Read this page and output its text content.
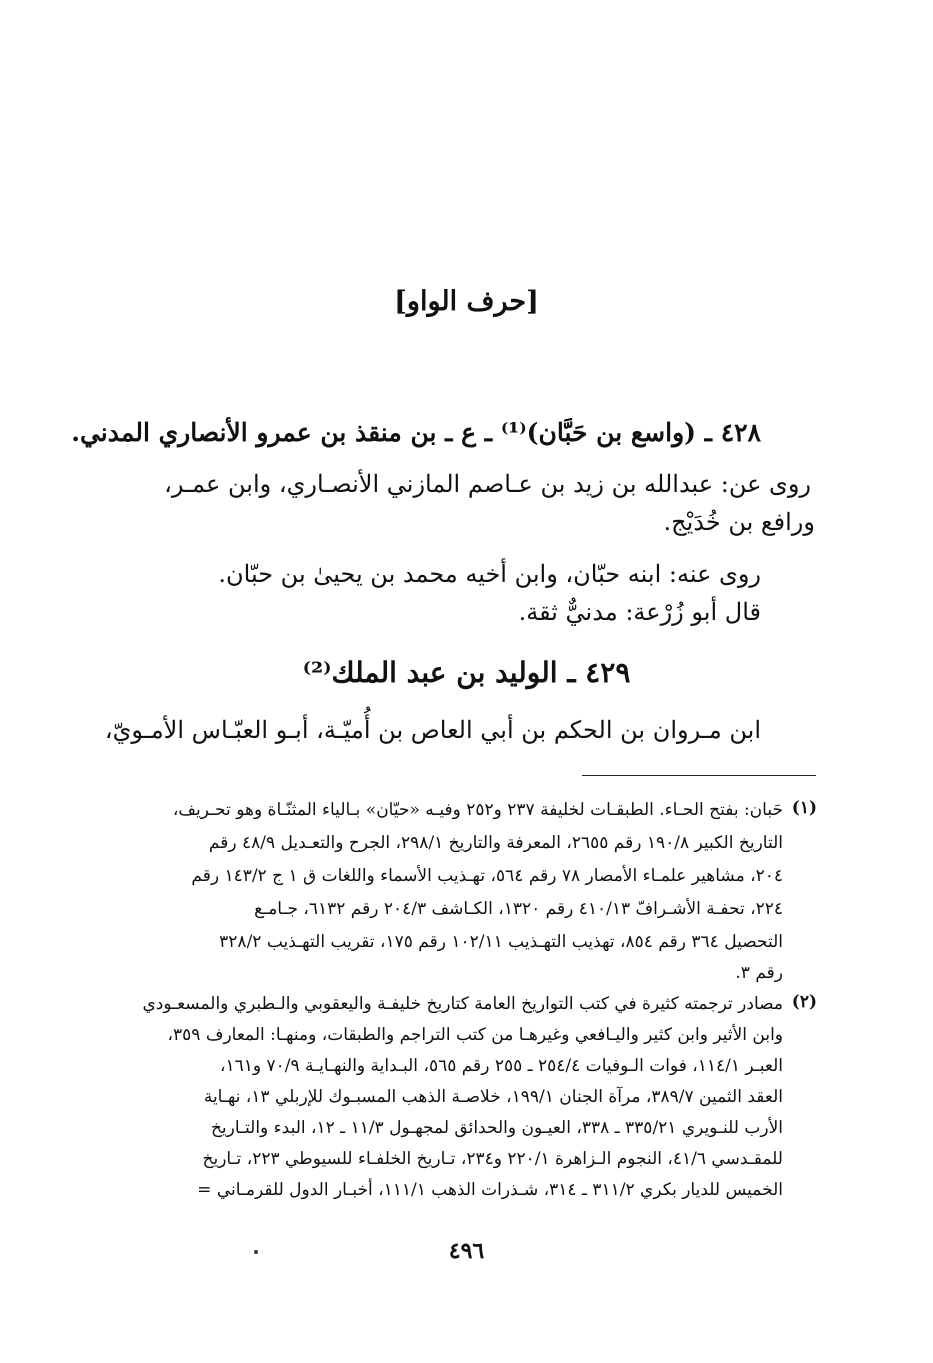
[حرف الواو]
٤٢٨ ـ (واسع بن حَبَّان)⁽¹⁾ ـ ع ـ بن منقذ بن عمرو الأنصاري المدني.
روى عن: عبدالله بن زيد بن عـاصم المازني الأنصـاري، وابن عمـر،
ورافع بن خُدَيْج.
روى عنه: ابنه حبّان، وابن أخيه محمد بن يحيىٰ بن حبّان.
قال أبو زُرْعة: مدنيٌّ ثقة.
٤٢٩ ـ الوليد بن عبد الملك⁽²⁾
ابن مـروان بن الحكم بن أبي العاص بن أُميّـة، أبـو العبّـاس الأمـويّ،
(١)
حَبان: بفتح الحـاء. الطبقـات لخليفة ٢٣٧ و٢٥٢ وفيـه «حيّان» بـالياء المثنّـاة وهو تحـريف،
التاريخ الكبير ١٩٠/٨ رقم ٢٦٥٥، المعرفة والتاريخ ٢٩٨/١، الجرح والتعـديل ٤٨/٩ رقم
٢٠٤، مشاهير علمـاء الأمصار ٧٨ رقم ٥٦٤، تهـذيب الأسماء واللغات ق ١ ج ١٤٣/٢ رقم
٢٢٤، تحفـة الأشـرافّ ٤١٠/١٣ رقم ١٣٢٠، الكـاشف ٢٠٤/٣ رقم ٦١٣٢، جـامـع
التحصيل ٣٦٤ رقم ٨٥٤، تهذيب التهـذيب ١٠٢/١١ رقم ١٧٥، تقريب التهـذيب ٣٢٨/٢
رقم ٣.
(٢)
مصادر ترجمته كثيرة في كتب التواريخ العامة كتاريخ خليفـة واليعقوبي والـطبري والمسعـودي
وابن الأثير وابن كثير واليـافعي وغيرهـا من كتب التراجم والطبقات، ومنهـا: المعارف ٣٥٩،
العبـر ١١٤/١، فوات الـوفيات ٢٥٤/٤ ـ ٢٥٥ رقم ٥٦٥، البـداية والنهـايـة ٧٠/٩ و١٦١،
العقد الثمين ٣٨٩/٧، مرآة الجنان ١٩٩/١، خلاصـة الذهب المسبـوك للإربلي ١٣، نهـاية
الأرب للنـويري ٣٣٥/٢١ ـ ٣٣٨، العيـون والحدائق لمجهـول ١١/٣ ـ ١٢، البدء والتـاريخ
للمقـدسي ٤١/٦، النجوم الـزاهرة ٢٢٠/١ و٢٣٤، تـاريخ الخلفـاء للسيوطي ٢٢٣، تـاريخ
الخميس للديار بكري ٣١١/٢ ـ ٣١٤، شـذرات الذهب ١١١/١، أخبـار الدول للقرمـاني =
٤٩٦
